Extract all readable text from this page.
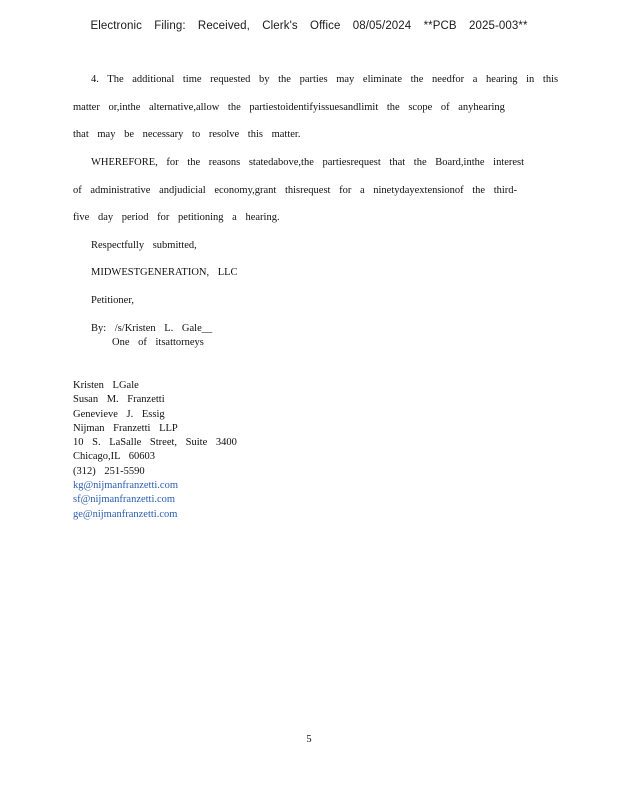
Electronic Filing: Received, Clerk's Office 08/05/2024 **PCB 2025-003**
4. The additional time requested by the parties may eliminate the needfor a hearing in this
matter or,inthe alternative,allow the partiestoidentifyissuesandlimit the scope of anyhearing
that may be necessary to resolve this matter.
WHEREFORE, for the reasons statedabove,the partiesrequest that the Board,inthe interest
of administrative andjudicial economy,grant thisrequest for a ninetydayextensionof the third-
five day period for petitioning a hearing.
Respectfully submitted,
MIDWESTGENERATION, LLC
Petitioner,
By: /s/Kristen L. Gale__
One of itsattorneys
Kristen LGale
Susan M. Franzetti
Genevieve J. Essig
Nijman Franzetti LLP
10 S. LaSalle Street, Suite 3400
Chicago,IL 60603
(312) 251-5590
kg@nijmanfranzetti.com
sf@nijmanfranzetti.com
ge@nijmanfranzetti.com
5
